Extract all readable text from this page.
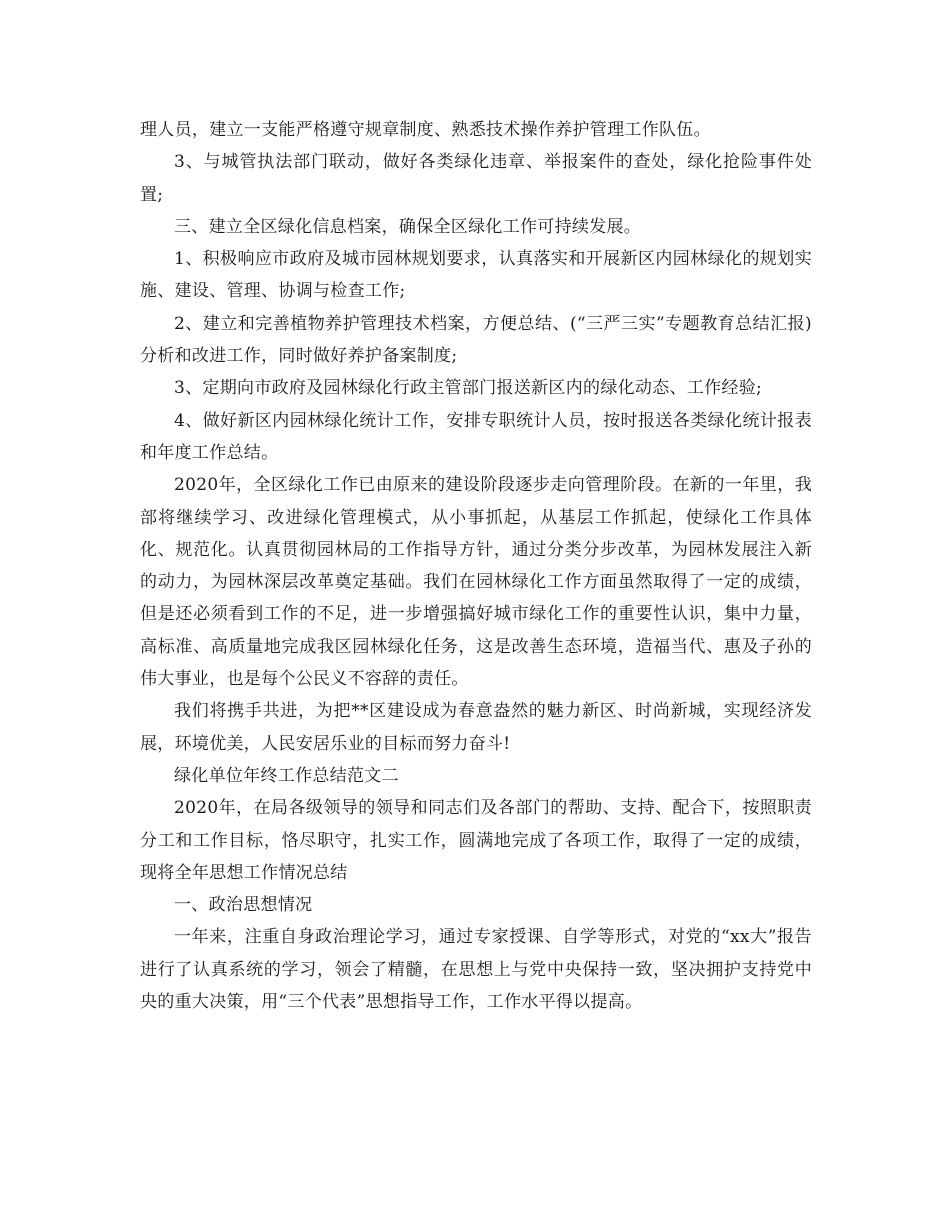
理人员，建立一支能严格遵守规章制度、熟悉技术操作养护管理工作队伍。

3、与城管执法部门联动，做好各类绿化违章、举报案件的查处，绿化抢险事件处置;

三、建立全区绿化信息档案，确保全区绿化工作可持续发展。

1、积极响应市政府及城市园林规划要求，认真落实和开展新区内园林绿化的规划实施、建设、管理、协调与检查工作;

2、建立和完善植物养护管理技术档案，方便总结、(“三严三实”专题教育总结汇报)分析和改进工作，同时做好养护备案制度;

3、定期向市政府及园林绿化行政主管部门报送新区内的绿化动态、工作经验;

4、做好新区内园林绿化统计工作，安排专职统计人员，按时报送各类绿化统计报表和年度工作总结。

2020年，全区绿化工作已由原来的建设阶段逐步走向管理阶段。在新的一年里，我部将继续学习、改进绿化管理模式，从小事抓起，从基层工作抓起，使绿化工作具体化、规范化。认真贯彻园林局的工作指导方针，通过分类分步改革，为园林发展注入新的动力，为园林深层改革奠定基础。我们在园林绿化工作方面虽然取得了一定的成绩，但是还必须看到工作的不足，进一步增强搞好城市绿化工作的重要性认识，集中力量，高标准、高质量地完成我区园林绿化任务，这是改善生态环境，造福当代、惠及子孙的伟大事业，也是每个公民义不容辞的责任。

我们将携手共进，为把**区建设成为春意盎然的魅力新区、时尚新城，实现经济发展，环境优美，人民安居乐业的目标而努力奋斗!

绿化单位年终工作总结范文二

2020年，在局各级领导的领导和同志们及各部门的帮助、支持、配合下，按照职责分工和工作目标，恪尽职守，扎实工作，圆满地完成了各项工作，取得了一定的成绩，现将全年思想工作情况总结

一、政治思想情况

一年来，注重自身政治理论学习，通过专家授课、自学等形式，对党的“xx大”报告进行了认真系统的学习，领会了精髓，在思想上与党中央保持一致，坚决拥护支持党中央的重大决策，用“三个代表”思想指导工作，工作水平得以提高。
